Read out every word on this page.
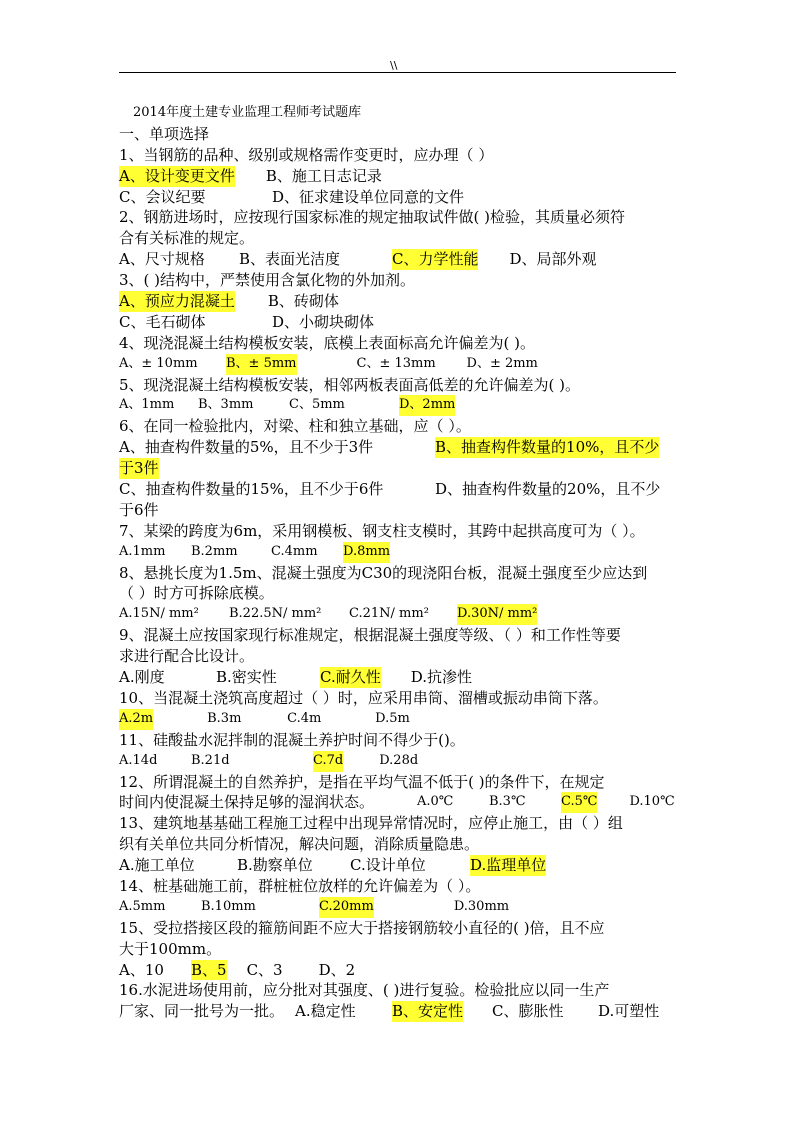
\\
2014年度土建专业监理工程师考试题库
一、单项选择
1、当钢筋的品种、级别或规格需作变更时，应办理（ ）
A、设计变更文件 B、施工日志记录
C、会议纪要	D、征求建设单位同意的文件
2、钢筋进场时，应按现行国家标准的规定抽取试件做( )检验，其质量必须符
合有关标准的规定。
A、尺寸规格 B、表面光洁度	C、力学性能 D、局部外观
3、( )结构中，严禁使用含氯化物的外加剂。
A、预应力混凝土 B、砖砌体
C、毛石砌体	D、小砌块砌体
4、现浇混凝土结构模板安装，底模上表面标高允许偏差为( )。
A、± 10mm B、± 5mm	C、± 13mm D、± 2mm
5、现浇混凝土结构模板安装，相邻两板表面高低差的允许偏差为( )。
A、1mm B、3mm	C、5mm	D、2mm
6、在同一检验批内，对梁、柱和独立基础，应（ ）。
A、抽查构件数量的5%，且不少于3件	B、抽查构件数量的10%，且不少
于3件
C、抽查构件数量的15%，且不少于6件	D、抽查构件数量的20%，且不少
于6件
7、某梁的跨度为6m，采用钢模板、钢支柱支模时，其跨中起拱高度可为（ ）。
A.1mm B.2mm	C.4mm D.8mm
8、悬挑长度为1.5m、混凝土强度为C30的现浇阳台板，混凝土强度至少应达到
（ ）时方可拆除底模。
A.15N/ mm² B.22.5N/ mm² C.21N/ mm² D.30N/ mm²
9、混凝土应按国家现行标准规定，根据混凝土强度等级、（ ）和工作性等要
求进行配合比设计。
A.刚度	B.密实性	C.耐久性 D.抗渗性
10、当混凝土浇筑高度超过（ ）时，应采用串筒、溜槽或振动串筒下落。
A.2m	B.3m	C.4m	D.5m
11、硅酸盐水泥拌制的混凝土养护时间不得少于()。
A.14d	B.21d	C.7d	D.28d
12、所谓混凝土的自然养护，是指在平均气温不低于( )的条件下，在规定
时间内使混凝土保持足够的湿润状态。	A.0℃	B.3℃	C.5℃ D.10℃
13、建筑地基基础工程施工过程中出现异常情况时，应停止施工，由（ ）组
织有关单位共同分析情况，解决问题，消除质量隐患。
A.施工单位	B.勘察单位 C.设计单位	D.监理单位
14、桩基础施工前，群桩桩位放样的允许偏差为（ ）。
A.5mm	B.10mm	C.20mm	D.30mm
15、受拉搭接区段的箍筋间距不应大于搭接钢筋较小直径的( )倍，且不应
大于100mm。
A、10 B、5 C、3 D、2
16.水泥进场使用前，应分批对其强度、( )进行复验。检验批应以同一生产
厂家、同一批号为一批。 A.稳定性 B、安定性 C、膨胀性 D.可塑性
